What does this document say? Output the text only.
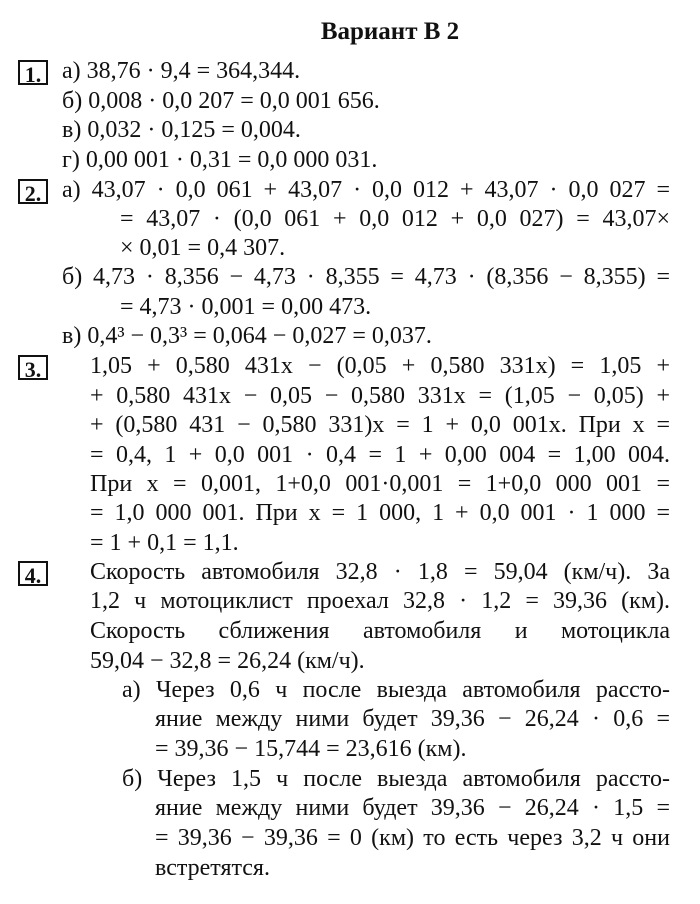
Вариант В 2
1. а) 38,76 · 9,4 = 364,344.
б) 0,008 · 0,0 207 = 0,0 001 656.
в) 0,032 · 0,125 = 0,004.
г) 0,00 001 · 0,31 = 0,0 000 031.
2. а) 43,07 · 0,0 061 + 43,07 · 0,0 012 + 43,07 · 0,0 027 =
= 43,07 · (0,0 061 + 0,0 012 + 0,0 027) = 43,07×
× 0,01 = 0,4 307.
б) 4,73 · 8,356 − 4,73 · 8,355 = 4,73 · (8,356 − 8,355) =
= 4,73 · 0,001 = 0,00 473.
в) 0,4³ − 0,3³ = 0,064 − 0,027 = 0,037.
3. 1,05 + 0,580 431x − (0,05 + 0,580 331x) = 1,05 +
+ 0,580 431x − 0,05 − 0,580 331x = (1,05 − 0,05) +
+ (0,580 431 − 0,580 331)x = 1 + 0,0 001x. При x =
= 0,4, 1 + 0,0 001 · 0,4 = 1 + 0,00 004 = 1,00 004.
При x = 0,001, 1+0,0 001·0,001 = 1+0,0 000 001 =
= 1,0 000 001. При x = 1 000, 1 + 0,0 001 · 1 000 =
= 1 + 0,1 = 1,1.
4. Скорость автомобиля 32,8 · 1,8 = 59,04 (км/ч). За
1,2 ч мотоциклист проехал 32,8 · 1,2 = 39,36 (км).
Скорость сближения автомобиля и мотоцикла
59,04 − 32,8 = 26,24 (км/ч).
а) Через 0,6 ч после выезда автомобиля рассто-
яние между ними будет 39,36 − 26,24 · 0,6 =
= 39,36 − 15,744 = 23,616 (км).
б) Через 1,5 ч после выезда автомобиля рассто-
яние между ними будет 39,36 − 26,24 · 1,5 =
= 39,36 − 39,36 = 0 (км) то есть через 3,2 ч они
встретятся.
